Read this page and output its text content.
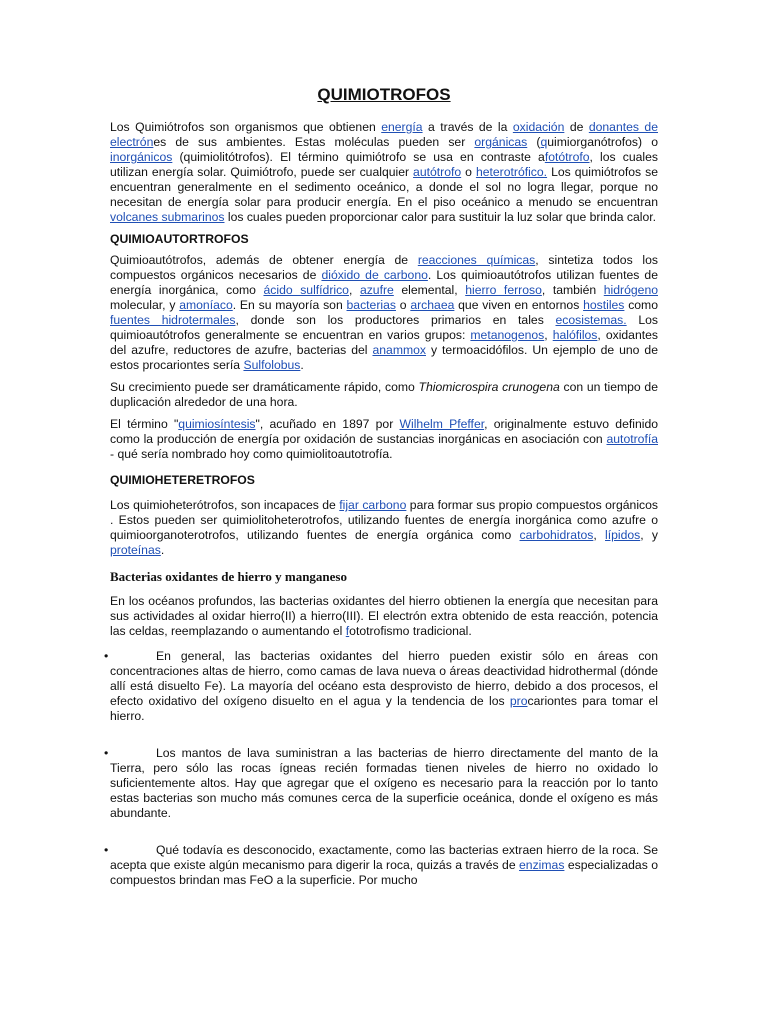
QUIMIOTROFOS

Los Quimiótrofos son organismos que obtienen energía a través de la oxidación de donantes de electrónes de sus ambientes. Estas moléculas pueden ser orgánicas (quimiorganótrofos) o inorgánicos (quimiolitótrofos). El término quimiótrofo se usa en contraste afotótrofo, los cuales utilizan energía solar. Quimiótrofo, puede ser cualquier autótrofo o heterotrófico. Los quimiótrofos se encuentran generalmente en el sedimento oceánico, a donde el sol no logra llegar, porque no necesitan de energía solar para producir energía. En el piso oceánico a menudo se encuentran volcanes submarinos los cuales pueden proporcionar calor para sustituir la luz solar que brinda calor.

QUIMIOAUTORTROFOS

Quimioautótrofos, además de obtener energía de reacciones químicas, sintetiza todos los compuestos orgánicos necesarios de dióxido de carbono. Los quimioautótrofos utilizan fuentes de energía inorgánica, como ácido sulfídrico, azufre elemental, hierro ferroso, también hidrógeno molecular, y amoníaco. En su mayoría son bacterias o archaea que viven en entornos hostiles como fuentes hidrotermales, donde son los productores primarios en tales ecosistemas. Los quimioautótrofos generalmente se encuentran en varios grupos: metanogenos, halófilos, oxidantes del azufre, reductores de azufre, bacterias del anammox y termoacidófilos. Un ejemplo de uno de estos procariontes sería Sulfolobus.

Su crecimiento puede ser dramáticamente rápido, como Thiomicrospira crunogena con un tiempo de duplicación alrededor de una hora.

El término "quimiosíntesis", acuñado en 1897 por Wilhelm Pfeffer, originalmente estuvo definido como la producción de energía por oxidación de sustancias inorgánicas en asociación con autotrofía - qué sería nombrado hoy como quimiolitoautotrofía.

QUIMIOHETERETROFOS

Los quimioheterótrofos, son incapaces de fijar carbono para formar sus propio compuestos orgánicos . Estos pueden ser quimiolitoheterotrofos, utilizando fuentes de energía inorgánica como azufre o quimioorganoterotrofos, utilizando fuentes de energía orgánica como carbohidratos, lípidos, y proteínas.

Bacterias oxidantes de hierro y manganeso

En los océanos profundos, las bacterias oxidantes del hierro obtienen la energía que necesitan para sus actividades al oxidar hierro(II) a hierro(III). El electrón extra obtenido de esta reacción, potencia las celdas, reemplazando o aumentando el fototrofismo tradicional.

•	En general, las bacterias oxidantes del hierro pueden existir sólo en áreas con concentraciones altas de hierro, como camas de lava nueva o áreas deactividad hidrothermal (dónde allí está disuelto Fe). La mayoría del océano esta desprovisto de hierro, debido a dos procesos, el efecto oxidativo del oxígeno disuelto en el agua y la tendencia de los procariontes para tomar el hierro.
•	Los mantos de lava suministran a las bacterias de hierro directamente del manto de la Tierra, pero sólo las rocas ígneas recién formadas tienen niveles de hierro no oxidado lo suficientemente altos. Hay que agregar que el oxígeno es necesario para la reacción por lo tanto estas bacterias son mucho más comunes cerca de la superficie oceánica, donde el oxígeno es más abundante.
•	Qué todavía es desconocido, exactamente, como las bacterias extraen hierro de la roca. Se acepta que existe algún mecanismo para digerir la roca, quizás a través de enzimas especializadas o compuestos brindan mas FeO a la superficie. Por mucho
